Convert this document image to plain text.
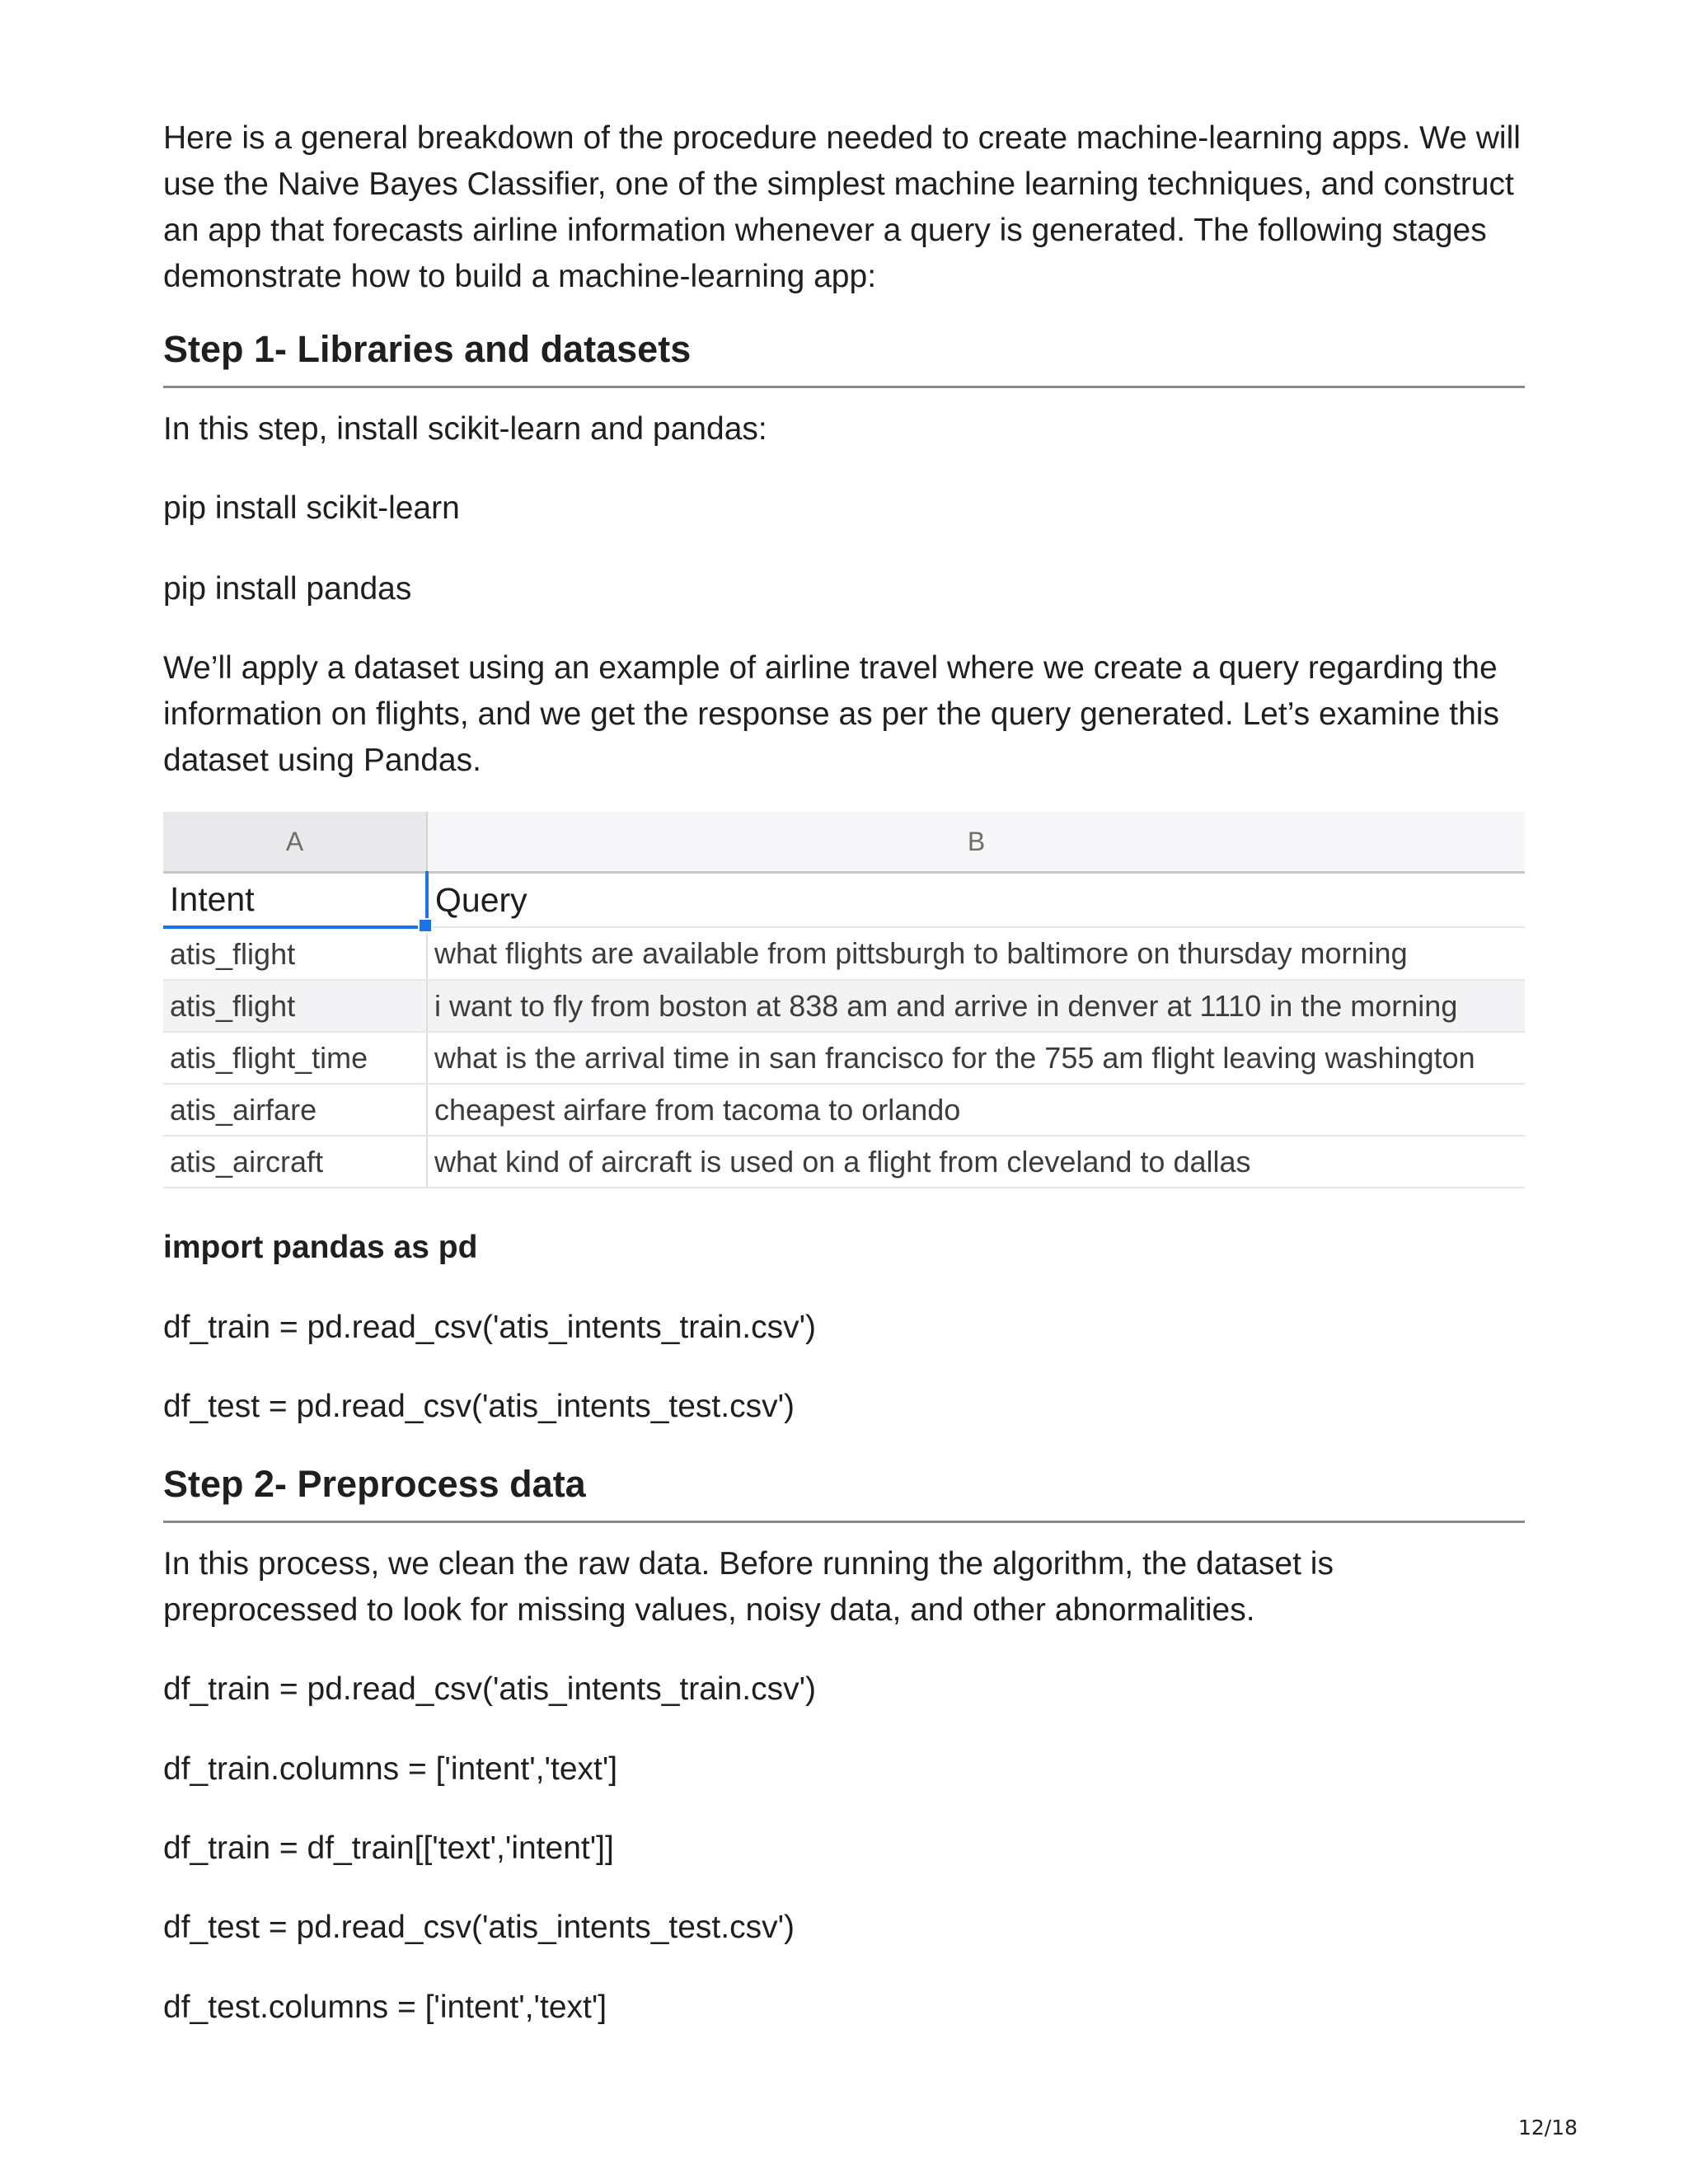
Here is a general breakdown of the procedure needed to create machine-learning apps. We will use the Naive Bayes Classifier, one of the simplest machine learning techniques, and construct an app that forecasts airline information whenever a query is generated. The following stages demonstrate how to build a machine-learning app:

Step 1- Libraries and datasets

In this step, install scikit-learn and pandas:

pip install scikit-learn

pip install pandas

We’ll apply a dataset using an example of airline travel where we create a query regarding the information on flights, and we get the response as per the query generated. Let’s examine this dataset using Pandas.

A	B
Intent	Query
atis_flight	what flights are available from pittsburgh to baltimore on thursday morning
atis_flight	i want to fly from boston at 838 am and arrive in denver at 1110 in the morning
atis_flight_time	what is the arrival time in san francisco for the 755 am flight leaving washington
atis_airfare	cheapest airfare from tacoma to orlando
atis_aircraft	what kind of aircraft is used on a flight from cleveland to dallas

import pandas as pd

df_train = pd.read_csv('atis_intents_train.csv')

df_test = pd.read_csv('atis_intents_test.csv')

Step 2- Preprocess data

In this process, we clean the raw data. Before running the algorithm, the dataset is preprocessed to look for missing values, noisy data, and other abnormalities.

df_train = pd.read_csv('atis_intents_train.csv')

df_train.columns = ['intent','text']

df_train = df_train[['text','intent']]

df_test = pd.read_csv('atis_intents_test.csv')

df_test.columns = ['intent','text']

12/18
